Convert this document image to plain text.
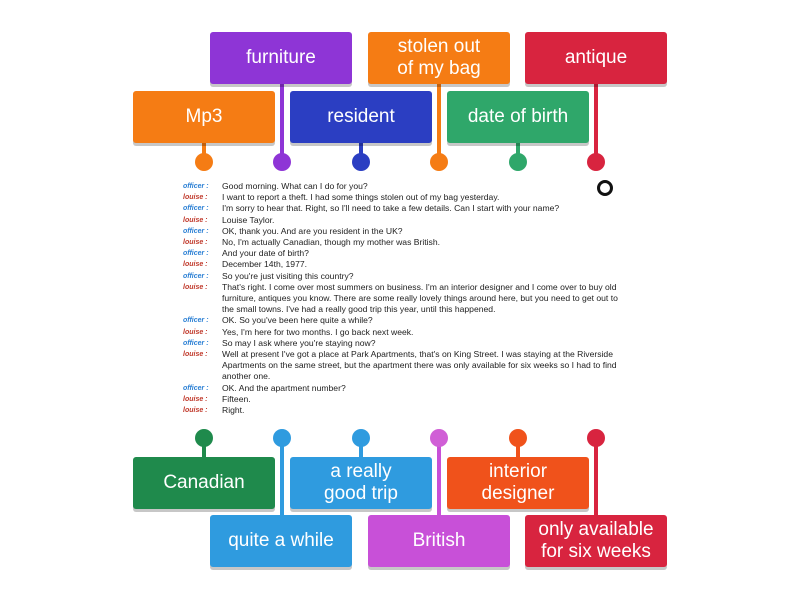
furniture
stolen out
of my bag
antique
Mp3	resident	date of birth
officer : Good morning. What can I do for you?
louise : I want to report a theft. I had some things stolen out of my bag yesterday.
officer : I'm sorry to hear that. Right, so I'll need to take a few details. Can I start with your name?
louise : Louise Taylor.
officer : OK, thank you. And are you resident in the UK?
louise : No, I'm actually Canadian, though my mother was British.
officer : And your date of birth?
louise : December 14th, 1977.
officer : So you're just visiting this country?
louise : That's right. I come over most summers on business. I'm an interior designer and I come over to buy old furniture, antiques you know. There are some really lovely things around here, but you need to get out to the small towns. I've had a really good trip this year, until this happened.
officer : OK. So you've been here quite a while?
louise : Yes, I'm here for two months. I go back next week.
officer : So may I ask where you're staying now?
louise : Well at present I've got a place at Park Apartments, that's on King Street. I was staying at the Riverside Apartments on the same street, but the apartment there was only available for six weeks so I had to find another one.
officer : OK. And the apartment number?
louise : Fifteen.
louise : Right.
Canadian
a really
good trip
interior
designer
quite a while	British
only available
for six weeks
